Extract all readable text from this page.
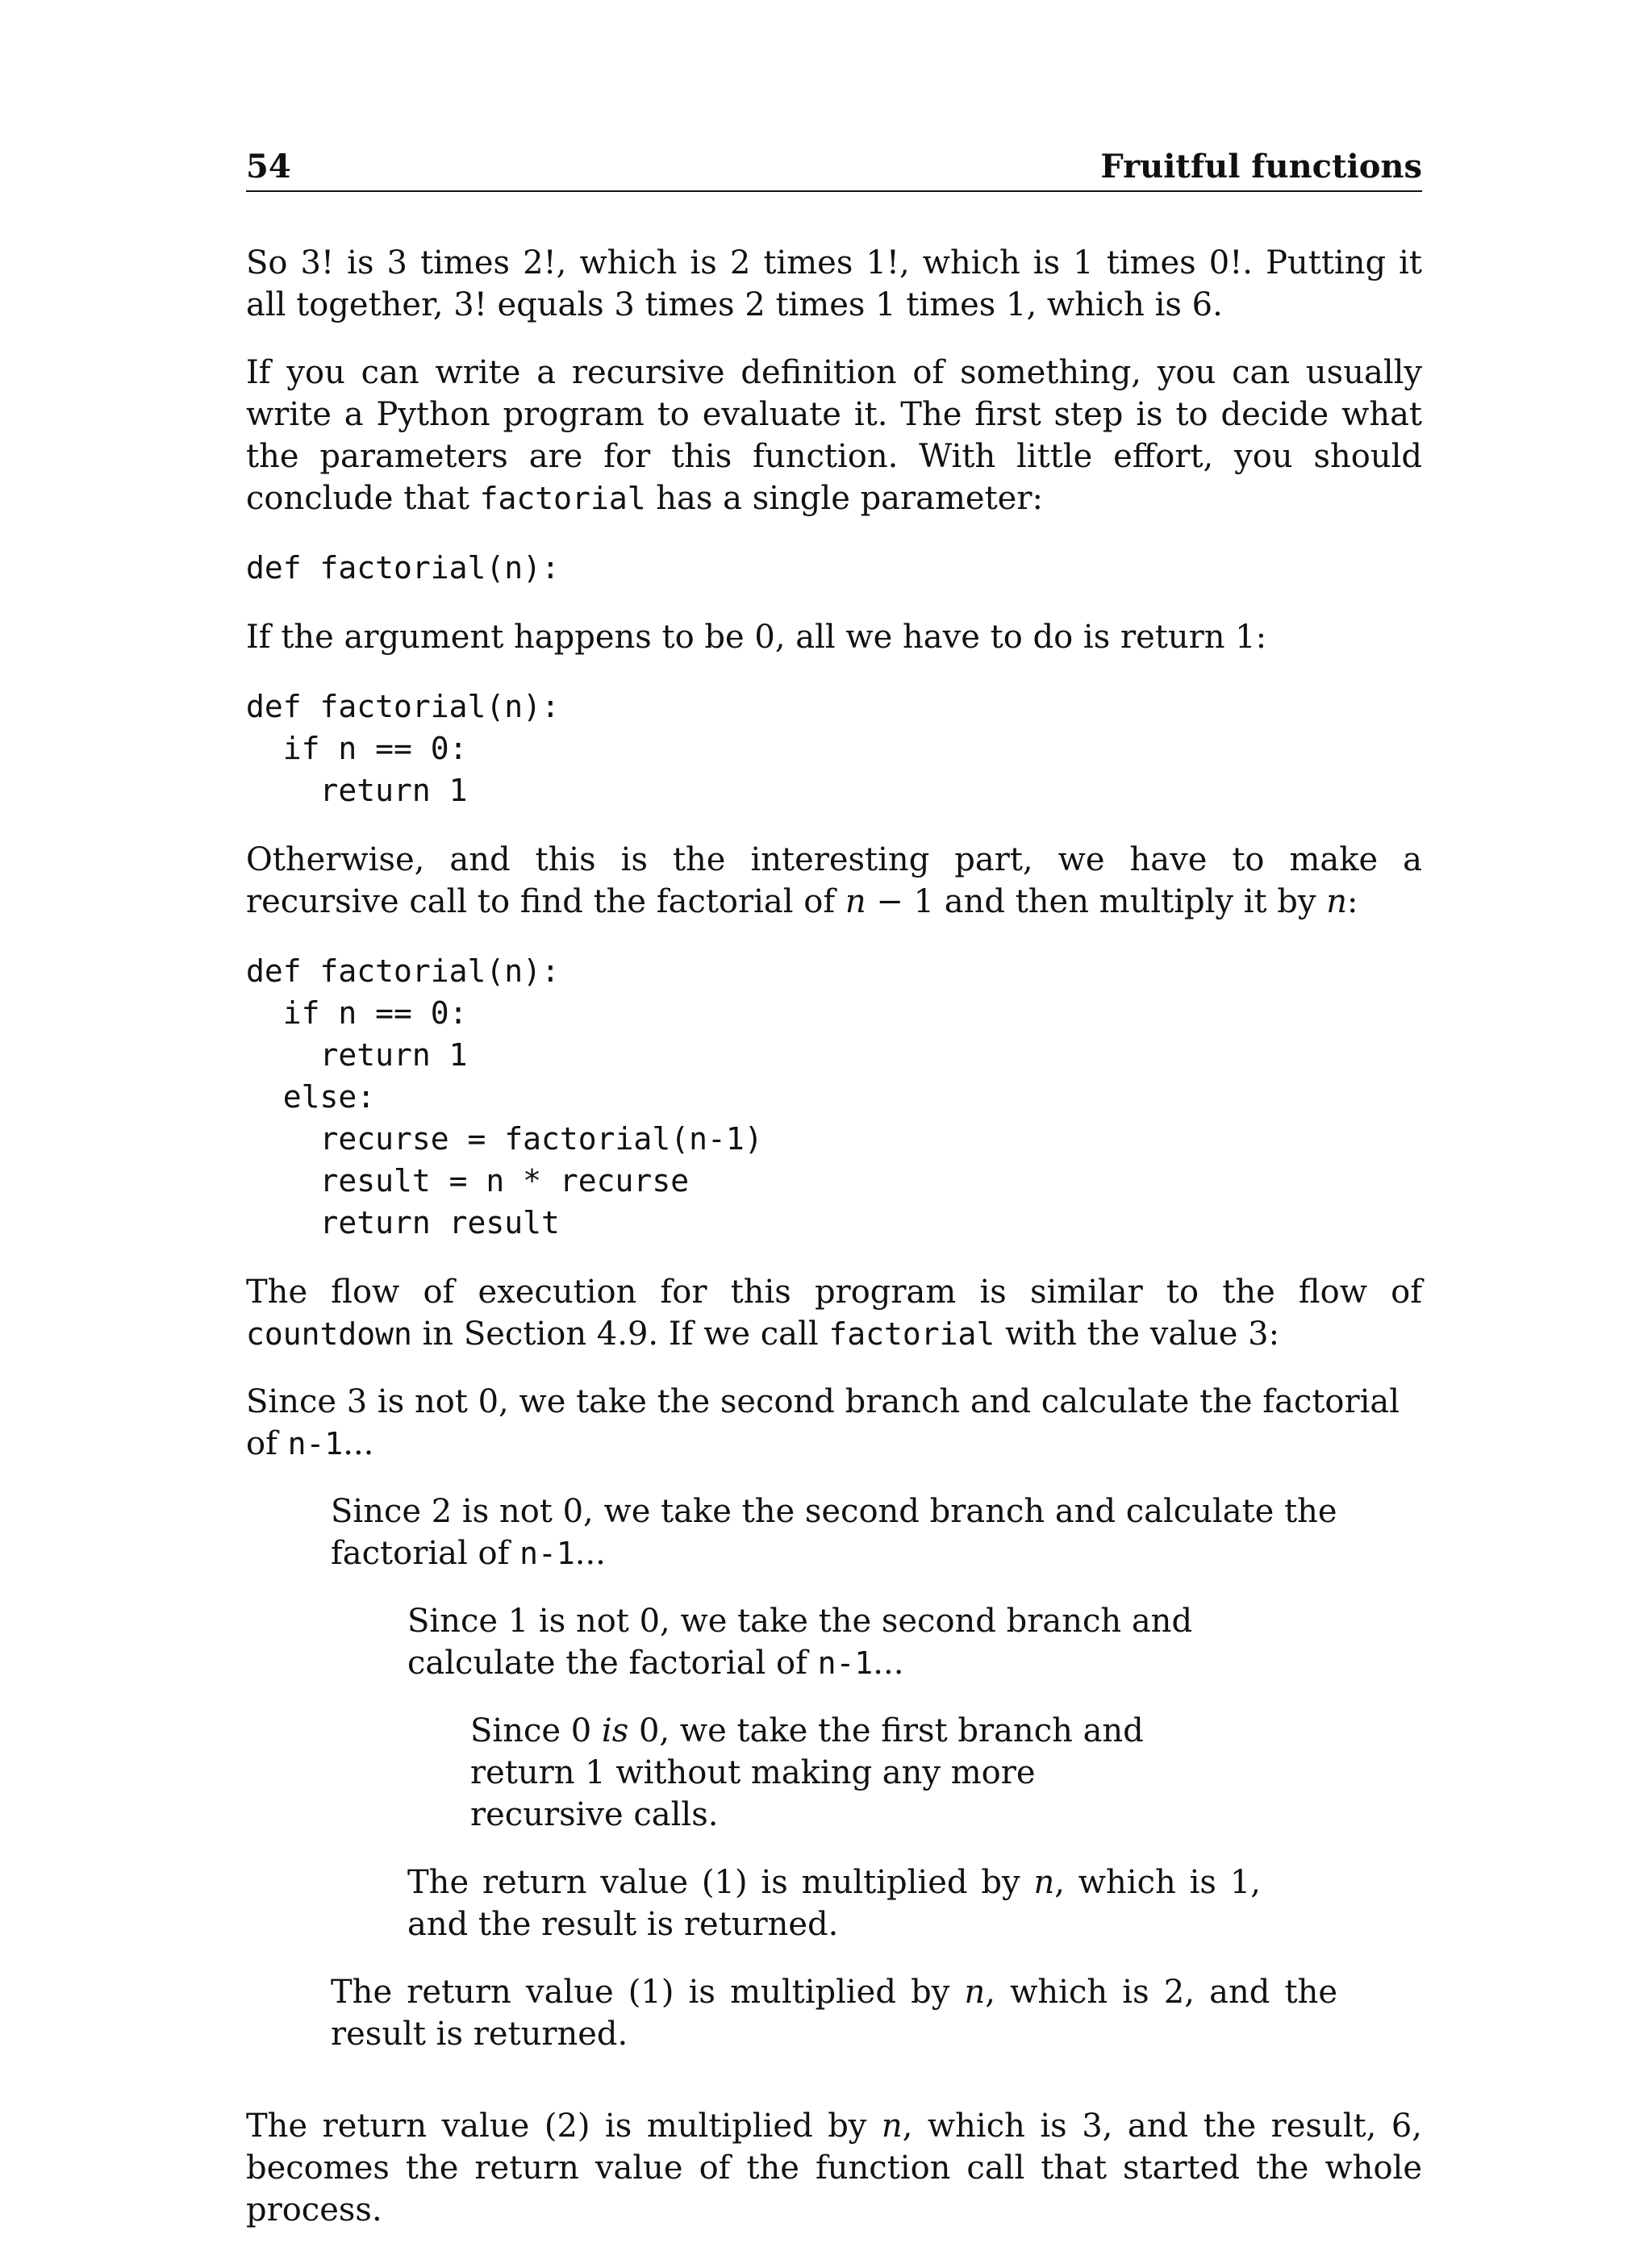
54	Fruitful functions

So 3! is 3 times 2!, which is 2 times 1!, which is 1 times 0!. Putting it all together, 3! equals 3 times 2 times 1 times 1, which is 6.

If you can write a recursive definition of something, you can usually write a Python program to evaluate it. The first step is to decide what the parameters are for this function. With little effort, you should conclude that factorial has a single parameter:

def factorial(n):

If the argument happens to be 0, all we have to do is return 1:

def factorial(n):
if n == 0:
return 1

Otherwise, and this is the interesting part, we have to make a recursive call to find the factorial of n − 1 and then multiply it by n:

def factorial(n):
if n == 0:
return 1
else:
recurse = factorial(n-1)
result = n * recurse
return result

The flow of execution for this program is similar to the flow of countdown in Section 4.9. If we call factorial with the value 3:

Since 3 is not 0, we take the second branch and calculate the factorial of n-1...

Since 2 is not 0, we take the second branch and calculate the factorial of n-1...

Since 1 is not 0, we take the second branch and calculate the factorial of n-1...

Since 0 is 0, we take the first branch and return 1 without making any more recursive calls.

The return value (1) is multiplied by n, which is 1, and the result is returned.

The return value (1) is multiplied by n, which is 2, and the result is returned.

The return value (2) is multiplied by n, which is 3, and the result, 6, becomes the return value of the function call that started the whole process.
